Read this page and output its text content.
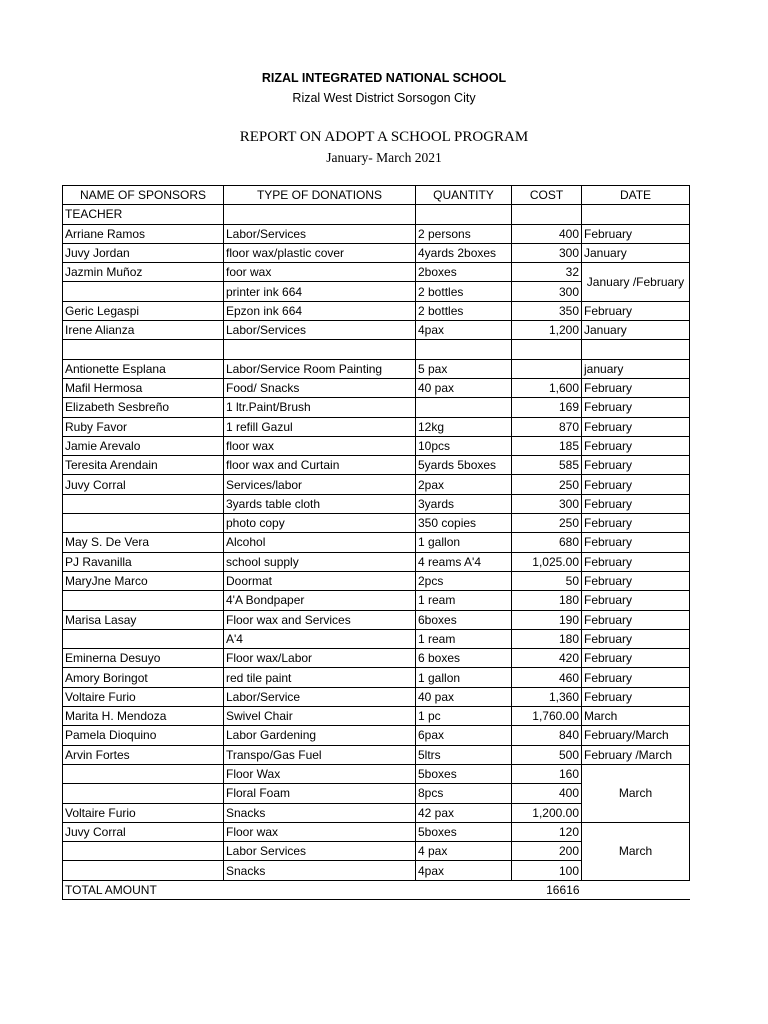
RIZAL INTEGRATED NATIONAL SCHOOL
Rizal West District Sorsogon City
REPORT ON ADOPT A SCHOOL PROGRAM
January- March 2021
NAME OF SPONSORS	TYPE OF DONATIONS	QUANTITY	COST	DATE
TEACHER				
Arriane Ramos	Labor/Services	2 persons	400	February
Juvy Jordan	floor wax/plastic cover	4yards 2boxes	300	January
Jazmin Muñoz	foor wax	2boxes	32	January /February
	printer ink 664	2 bottles	300	
Geric Legaspi	Epzon ink 664	2 bottles	350	February
Irene Alianza	Labor/Services	4pax	1,200	January

Antionette Esplana	Labor/Service Room Painting	5 pax		january
Mafil Hermosa	Food/ Snacks	40 pax	1,600	February
Elizabeth Sesbreño	1 ltr.Paint/Brush		169	February
Ruby Favor	1 refill Gazul	12kg	870	February
Jamie Arevalo	floor wax	10pcs	185	February
Teresita Arendain	floor wax and Curtain	5yards 5boxes	585	February
Juvy Corral	Services/labor	2pax	250	February
	3yards table cloth	3yards	300	February
	photo copy	350 copies	250	February
May S. De Vera	Alcohol	1 gallon	680	February
PJ Ravanilla	school supply	4 reams A'4	1,025.00	February
MaryJne Marco	Doormat	2pcs	50	February
	4'A Bondpaper	1 ream	180	February
Marisa Lasay	Floor wax and Services	6boxes	190	February
	A'4	1 ream	180	February
Eminerna Desuyo	Floor wax/Labor	6 boxes	420	February
Amory Boringot	red tile paint	1 gallon	460	February
Voltaire Furio	Labor/Service	40 pax	1,360	February
Marita H. Mendoza	Swivel Chair	1 pc	1,760.00	March
Pamela Dioquino	Labor Gardening	6pax	840	February/March
Arvin Fortes	Transpo/Gas Fuel	5ltrs	500	February /March
	Floor Wax	5boxes	160	March
	Floral Foam	8pcs	400	
Voltaire Furio	Snacks	42 pax	1,200.00	
Juvy Corral	Floor wax	5boxes	120	March
	Labor Services	4 pax	200	
	Snacks	4pax	100	
TOTAL AMOUNT			16616	
